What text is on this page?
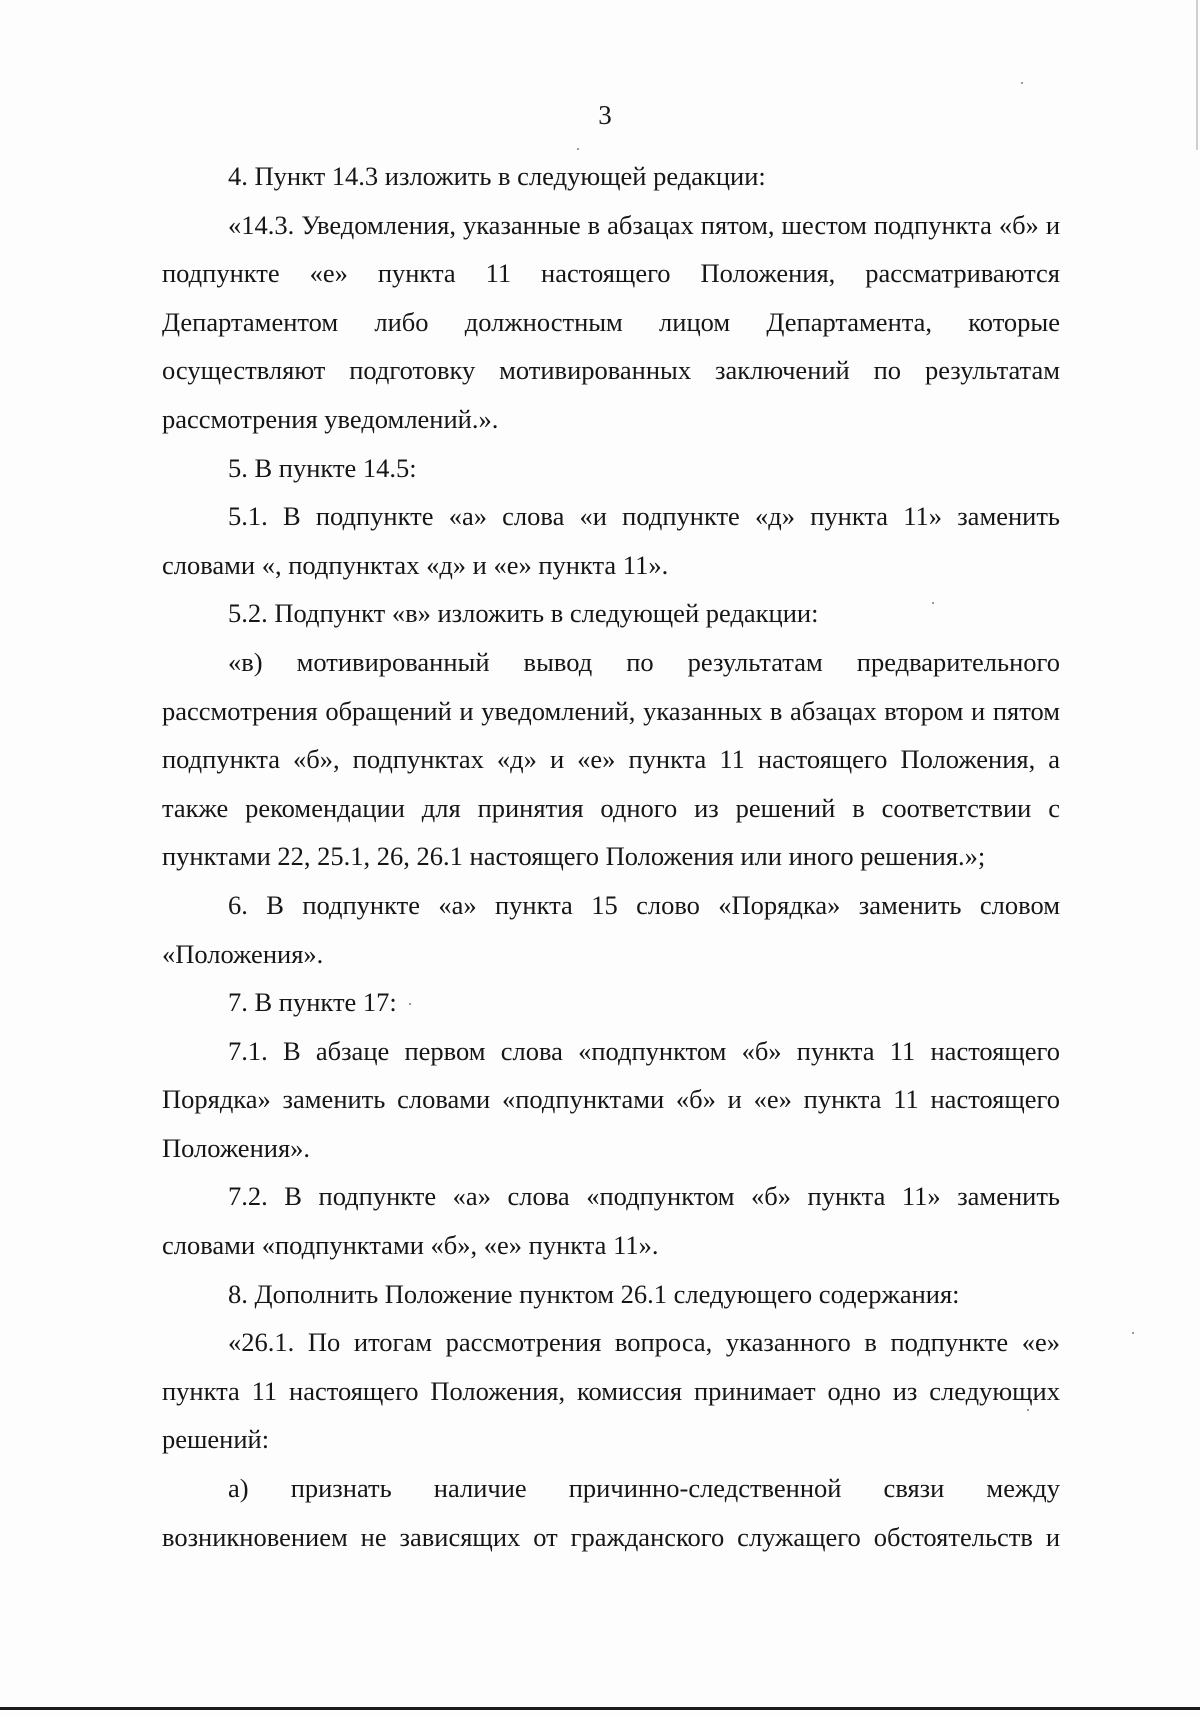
3

4. Пункт 14.3 изложить в следующей редакции:

«14.3. Уведомления, указанные в абзацах пятом, шестом подпункта «б» и подпункте «е» пункта 11 настоящего Положения, рассматриваются Департаментом либо должностным лицом Департамента, которые осуществляют подготовку мотивированных заключений по результатам рассмотрения уведомлений.».

5. В пункте 14.5:

5.1. В подпункте «а» слова «и подпункте «д» пункта 11» заменить словами «, подпунктах «д» и «е» пункта 11».

5.2. Подпункт «в» изложить в следующей редакции:

«в) мотивированный вывод по результатам предварительного рассмотрения обращений и уведомлений, указанных в абзацах втором и пятом подпункта «б», подпунктах «д» и «е» пункта 11 настоящего Положения, а также рекомендации для принятия одного из решений в соответствии с пунктами 22, 25.1, 26, 26.1 настоящего Положения или иного решения.»;

6. В подпункте «а» пункта 15 слово «Порядка» заменить словом «Положения».

7. В пункте 17:

7.1. В абзаце первом слова «подпунктом «б» пункта 11 настоящего Порядка» заменить словами «подпунктами «б» и «е» пункта 11 настоящего Положения».

7.2. В подпункте «а» слова «подпунктом «б» пункта 11» заменить словами «подпунктами «б», «е» пункта 11».

8. Дополнить Положение пунктом 26.1 следующего содержания:

«26.1. По итогам рассмотрения вопроса, указанного в подпункте «е» пункта 11 настоящего Положения, комиссия принимает одно из следующих решений:

а) признать наличие причинно-следственной связи между возникновением не зависящих от гражданского служащего обстоятельств и
